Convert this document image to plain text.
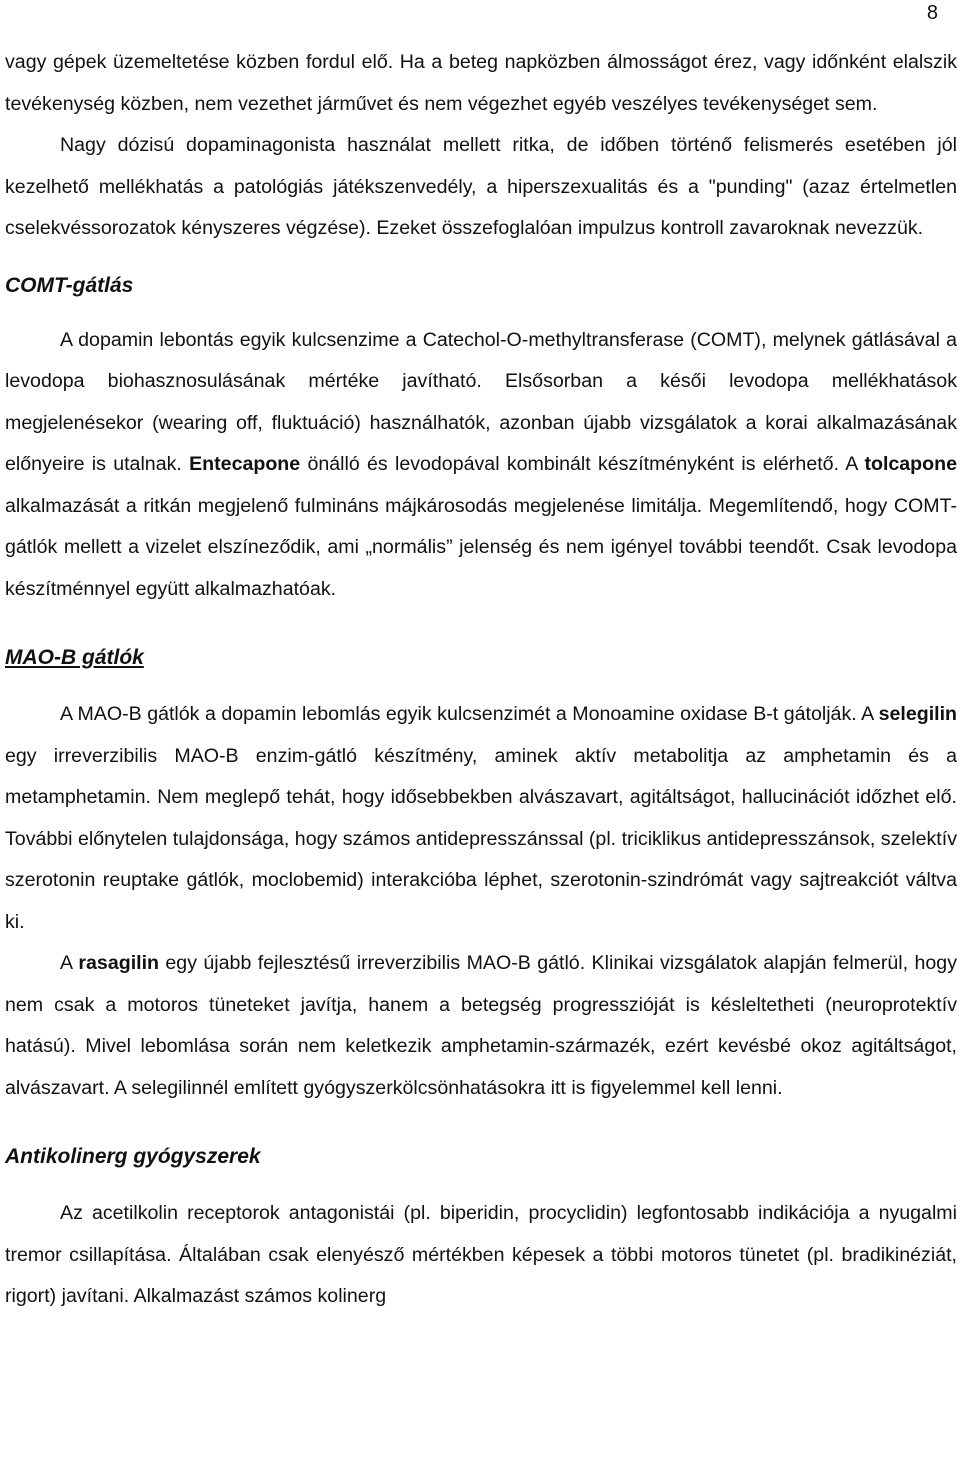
8

vagy gépek üzemeltetése közben fordul elő. Ha a beteg napközben álmosságot érez, vagy időnként elalszik tevékenység közben, nem vezethet járművet és nem végezhet egyéb veszélyes tevékenységet sem.

Nagy dózisú dopaminagonista használat mellett ritka, de időben történő felismerés esetében jól kezelhető mellékhatás a patológiás játékszenvedély, a hiperszexualitás és a "punding" (azaz értelmetlen cselekvéssorozatok kényszeres végzése). Ezeket összefoglalóan impulzus kontroll zavaroknak nevezzük.

COMT-gátlás

A dopamin lebontás egyik kulcsenzime a Catechol-O-methyltransferase (COMT), melynek gátlásával a levodopa biohasznosulásának mértéke javítható. Elsősorban a késői levodopa mellékhatások megjelenésekor (wearing off, fluktuáció) használhatók, azonban újabb vizsgálatok a korai alkalmazásának előnyeire is utalnak. Entecapone önálló és levodopával kombinált készítményként is elérhető. A tolcapone alkalmazását a ritkán megjelenő fulmináns májkárosodás megjelenése limitálja. Megemlítendő, hogy COMT-gátlók mellett a vizelet elszíneződik, ami „normális” jelenség és nem igényel további teendőt. Csak levodopa készítménnyel együtt alkalmazhatóak.

MAO-B gátlók

A MAO-B gátlók a dopamin lebomlás egyik kulcsenzimét a Monoamine oxidase B-t gátolják. A selegilin egy irreverzibilis MAO-B enzim-gátló készítmény, aminek aktív metabolitja az amphetamin és a metamphetamin. Nem meglepő tehát, hogy idősebbekben alvászavart, agitáltságot, hallucinációt időzhet elő. További előnytelen tulajdonsága, hogy számos antidepresszánssal (pl. triciklikus antidepresszánsok, szelektív szerotonin reuptake gátlók, moclobemid) interakcióba léphet, szerotonin-szindrómát vagy sajtreakciót váltva ki.

A rasagilin egy újabb fejlesztésű irreverzibilis MAO-B gátló. Klinikai vizsgálatok alapján felmerül, hogy nem csak a motoros tüneteket javítja, hanem a betegség progresszióját is késleltetheti (neuroprotektív hatású). Mivel lebomlása során nem keletkezik amphetamin-származék, ezért kevésbé okoz agitáltságot, alvászavart. A selegilinnél említett gyógyszerkölcsönhatásokra itt is figyelemmel kell lenni.

Antikolinerg gyógyszerek

Az acetilkolin receptorok antagonistái (pl. biperidin, procyclidin) legfontosabb indikációja a nyugalmi tremor csillapítása. Általában csak elenyésző mértékben képesek a többi motoros tünetet (pl. bradikinéziát, rigort) javítani. Alkalmazást számos kolinerg
